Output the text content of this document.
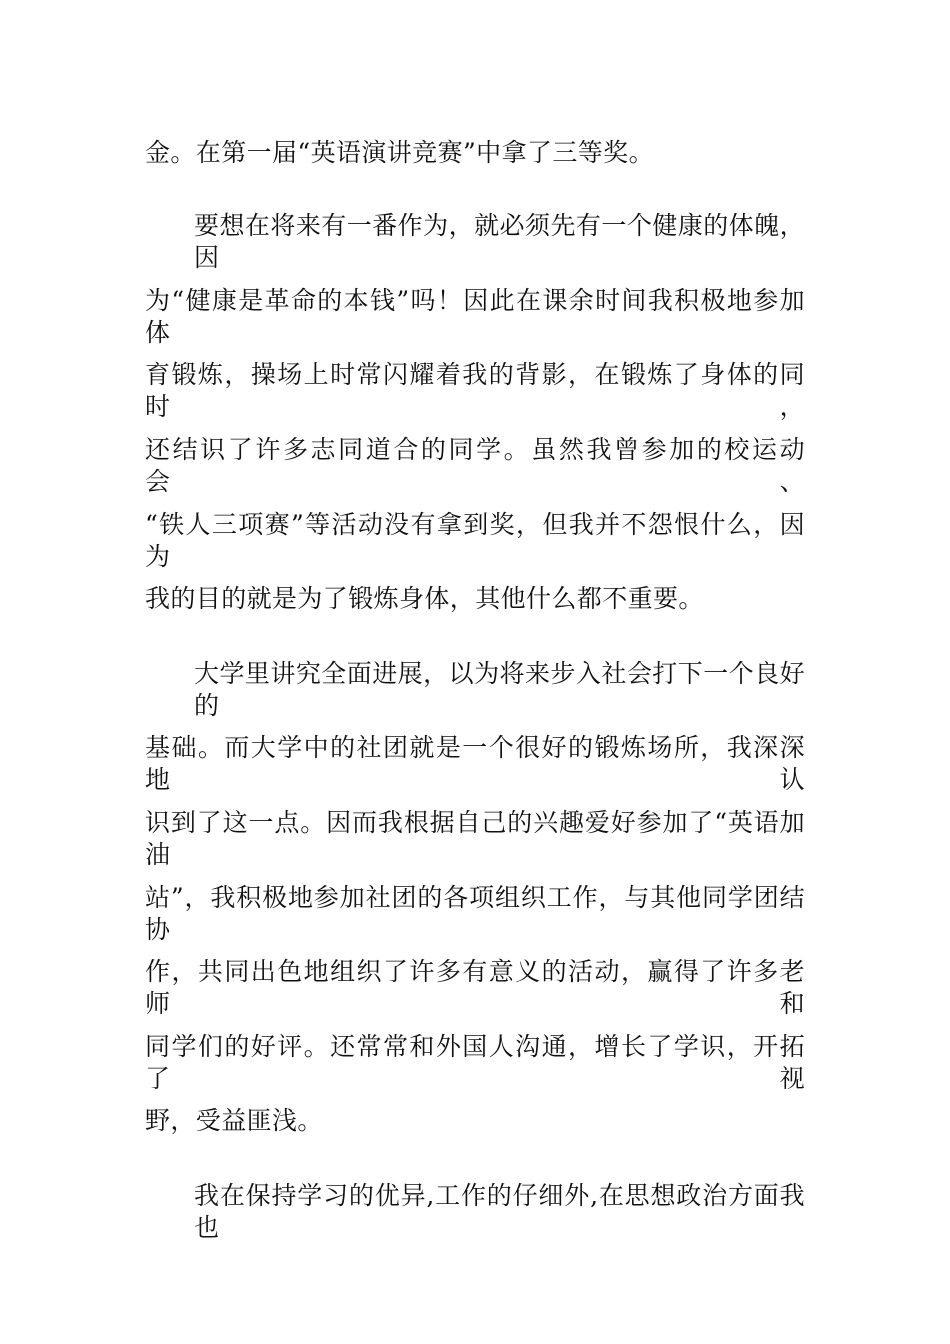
金。在第一届“英语演讲竞赛”中拿了三等奖。
要想在将来有一番作为，就必须先有一个健康的体魄，因
为“健康是革命的本钱”吗！因此在课余时间我积极地参加体
育锻炼，操场上时常闪耀着我的背影，在锻炼了身体的同时，
还结识了许多志同道合的同学。虽然我曾参加的校运动会、
“铁人三项赛”等活动没有拿到奖，但我并不怨恨什么，因为
我的目的就是为了锻炼身体，其他什么都不重要。
大学里讲究全面进展，以为将来步入社会打下一个良好的
基础。而大学中的社团就是一个很好的锻炼场所，我深深地认
识到了这一点。因而我根据自己的兴趣爱好参加了“英语加油
站”，我积极地参加社团的各项组织工作，与其他同学团结协
作，共同出色地组织了许多有意义的活动，赢得了许多老师和
同学们的好评。还常常和外国人沟通，增长了学识，开拓了视
野，受益匪浅。
我在保持学习的优异,工作的仔细外,在思想政治方面我也
